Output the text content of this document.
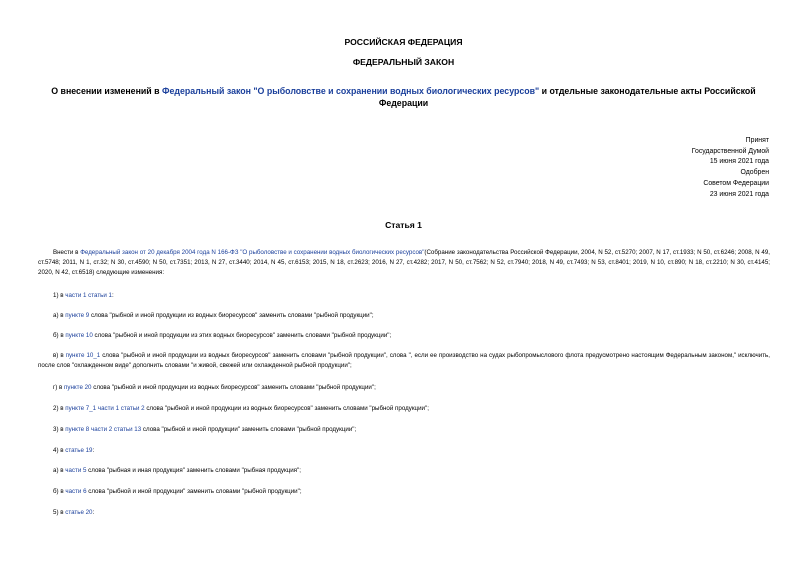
РОССИЙСКАЯ ФЕДЕРАЦИЯ
ФЕДЕРАЛЬНЫЙ ЗАКОН
О внесении изменений в Федеральный закон "О рыболовстве и сохранении водных биологических ресурсов" и отдельные законодательные акты Российской Федерации
Принят
Государственной Думой
15 июня 2021 года
Одобрен
Советом Федерации
23 июня 2021 года
Статья 1
Внести в Федеральный закон от 20 декабря 2004 года N 166-ФЗ "О рыболовстве и сохранении водных биологических ресурсов"(Собрание законодательства Российской Федерации, 2004, N 52, ст.5270; 2007, N 17, ст.1933; N 50, ст.6246; 2008, N 49, ст.5748; 2011, N 1, ст.32; N 30, ст.4590; N 50, ст.7351; 2013, N 27, ст.3440; 2014, N 45, ст.6153; 2015, N 18, ст.2623; 2016, N 27, ст.4282; 2017, N 50, ст.7562; N 52, ст.7940; 2018, N 49, ст.7493; N 53, ст.8401; 2019, N 10, ст.890; N 18, ст.2210; N 30, ст.4145; 2020, N 42, ст.6518) следующие изменения:
1) в части 1 статьи 1:
а) в пункте 9 слова "рыбной и иной продукции из водных биоресурсов" заменить словами "рыбной продукции";
б) в пункте 10 слова "рыбной и иной продукции из этих водных биоресурсов" заменить словами "рыбной продукции";
в) в пункте 10_1 слова "рыбной и иной продукции из водных биоресурсов" заменить словами "рыбной продукции", слова ", если ее производство на судах рыбопромыслового флота предусмотрено настоящим Федеральным законом," исключить, после слов "охлажденном виде" дополнить словами "и живой, свежей или охлажденной рыбной продукции";
г) в пункте 20 слова "рыбной и иной продукции из водных биоресурсов" заменить словами "рыбной продукции";
2) в пункте 7_1 части 1 статьи 2 слова "рыбной и иной продукции из водных биоресурсов" заменить словами "рыбной продукции";
3) в пункте 8 части 2 статьи 13 слова "рыбной и иной продукции" заменить словами "рыбной продукции";
4) в статье 19:
а) в части 5 слова "рыбная и иная продукция" заменить словами "рыбная продукция";
б) в части 6 слова "рыбной и иной продукции" заменить словами "рыбной продукции";
5) в статье 20:
